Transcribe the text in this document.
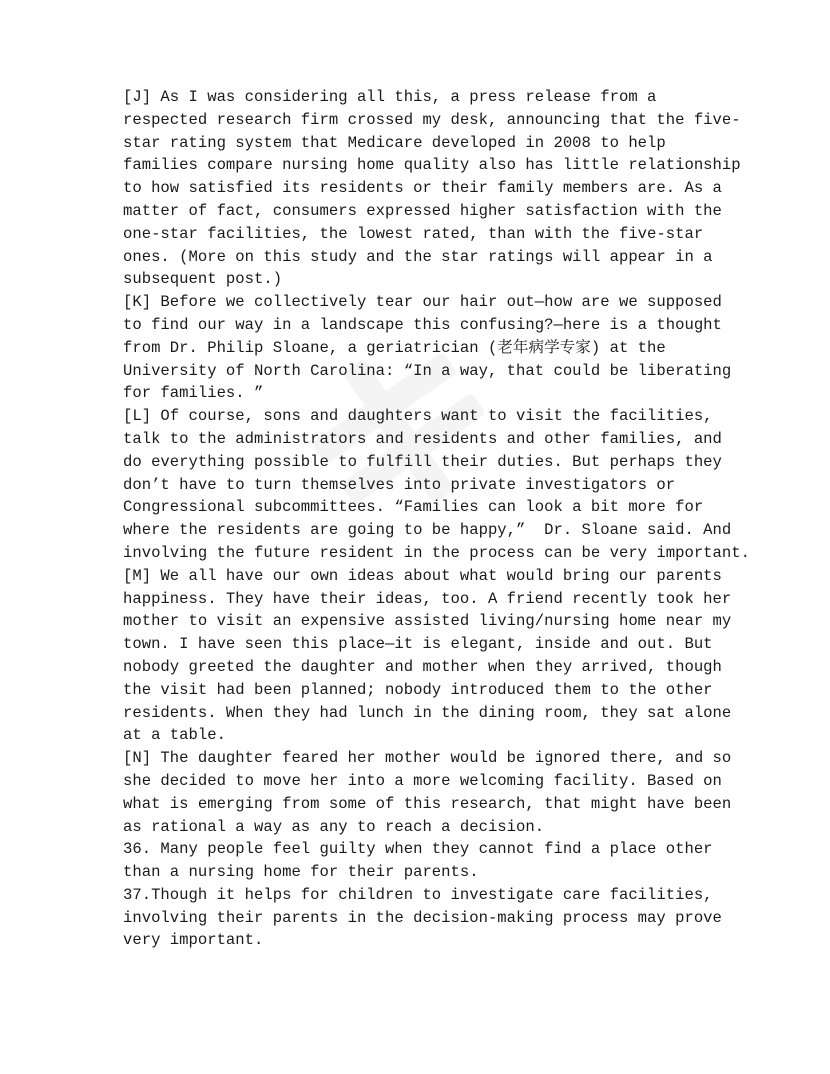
[J] As I was considering all this, a press release from a
respected research firm crossed my desk, announcing that the five-
star rating system that Medicare developed in 2008 to help
families compare nursing home quality also has little relationship
to how satisfied its residents or their family members are. As a
matter of fact, consumers expressed higher satisfaction with the
one-star facilities, the lowest rated, than with the five-star
ones. (More on this study and the star ratings will appear in a
subsequent post.)
[K] Before we collectively tear our hair out—how are we supposed
to find our way in a landscape this confusing?—here is a thought
from Dr. Philip Sloane, a geriatrician (老年病学专家) at the
University of North Carolina: “In a way, that could be liberating
for families. ”
[L] Of course, sons and daughters want to visit the facilities,
talk to the administrators and residents and other families, and
do everything possible to fulfill their duties. But perhaps they
don’t have to turn themselves into private investigators or
Congressional subcommittees. “Families can look a bit more for
where the residents are going to be happy,”  Dr. Sloane said. And
involving the future resident in the process can be very important.
[M] We all have our own ideas about what would bring our parents
happiness. They have their ideas, too. A friend recently took her
mother to visit an expensive assisted living/nursing home near my
town. I have seen this place—it is elegant, inside and out. But
nobody greeted the daughter and mother when they arrived, though
the visit had been planned; nobody introduced them to the other
residents. When they had lunch in the dining room, they sat alone
at a table.
[N] The daughter feared her mother would be ignored there, and so
she decided to move her into a more welcoming facility. Based on
what is emerging from some of this research, that might have been
as rational a way as any to reach a decision.
36. Many people feel guilty when they cannot find a place other
than a nursing home for their parents.
37.Though it helps for children to investigate care facilities,
involving their parents in the decision-making process may prove
very important.
